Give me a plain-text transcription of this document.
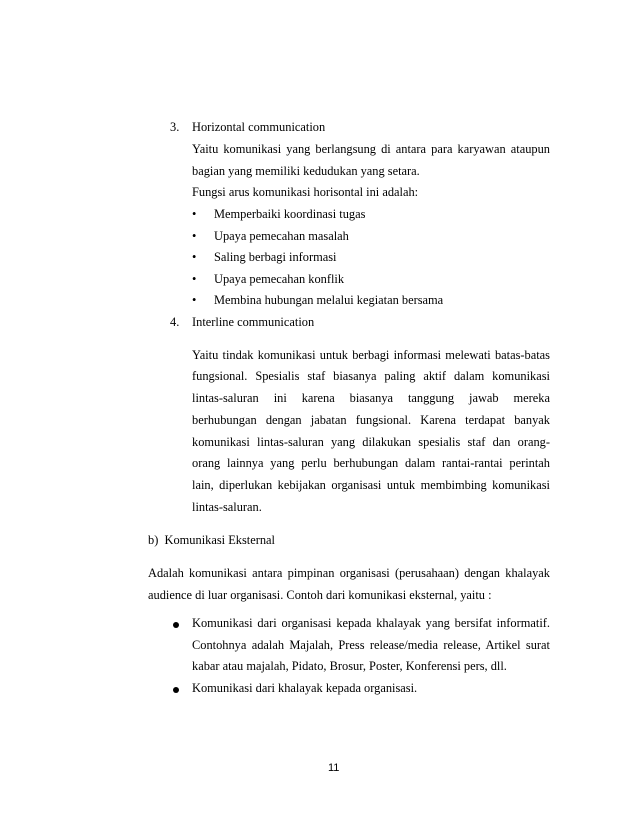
3. Horizontal communication
Yaitu komunikasi yang berlangsung di antara para karyawan ataupun
bagian yang memiliki kedudukan yang setara.
Fungsi arus komunikasi horisontal ini adalah:
• Memperbaiki koordinasi tugas
• Upaya pemecahan masalah
• Saling berbagi informasi
• Upaya pemecahan konflik
• Membina hubungan melalui kegiatan bersama
4. Interline communication
Yaitu tindak komunikasi untuk berbagi informasi melewati batas-batas
fungsional. Spesialis staf biasanya paling aktif dalam komunikasi
lintas-saluran ini karena biasanya tanggung jawab mereka
berhubungan dengan jabatan fungsional. Karena terdapat banyak
komunikasi lintas-saluran yang dilakukan spesialis staf dan orang-
orang lainnya yang perlu berhubungan dalam rantai-rantai perintah
lain, diperlukan kebijakan organisasi untuk membimbing komunikasi
lintas-saluran.
b)  Komunikasi Eksternal
Adalah komunikasi antara pimpinan organisasi (perusahaan) dengan khalayak
audience di luar organisasi. Contoh dari komunikasi eksternal, yaitu :
Komunikasi dari organisasi kepada khalayak yang bersifat informatif.
Contohnya adalah Majalah, Press release/media release, Artikel surat
kabar atau majalah, Pidato, Brosur, Poster, Konferensi pers, dll.
Komunikasi dari khalayak kepada organisasi.
11
